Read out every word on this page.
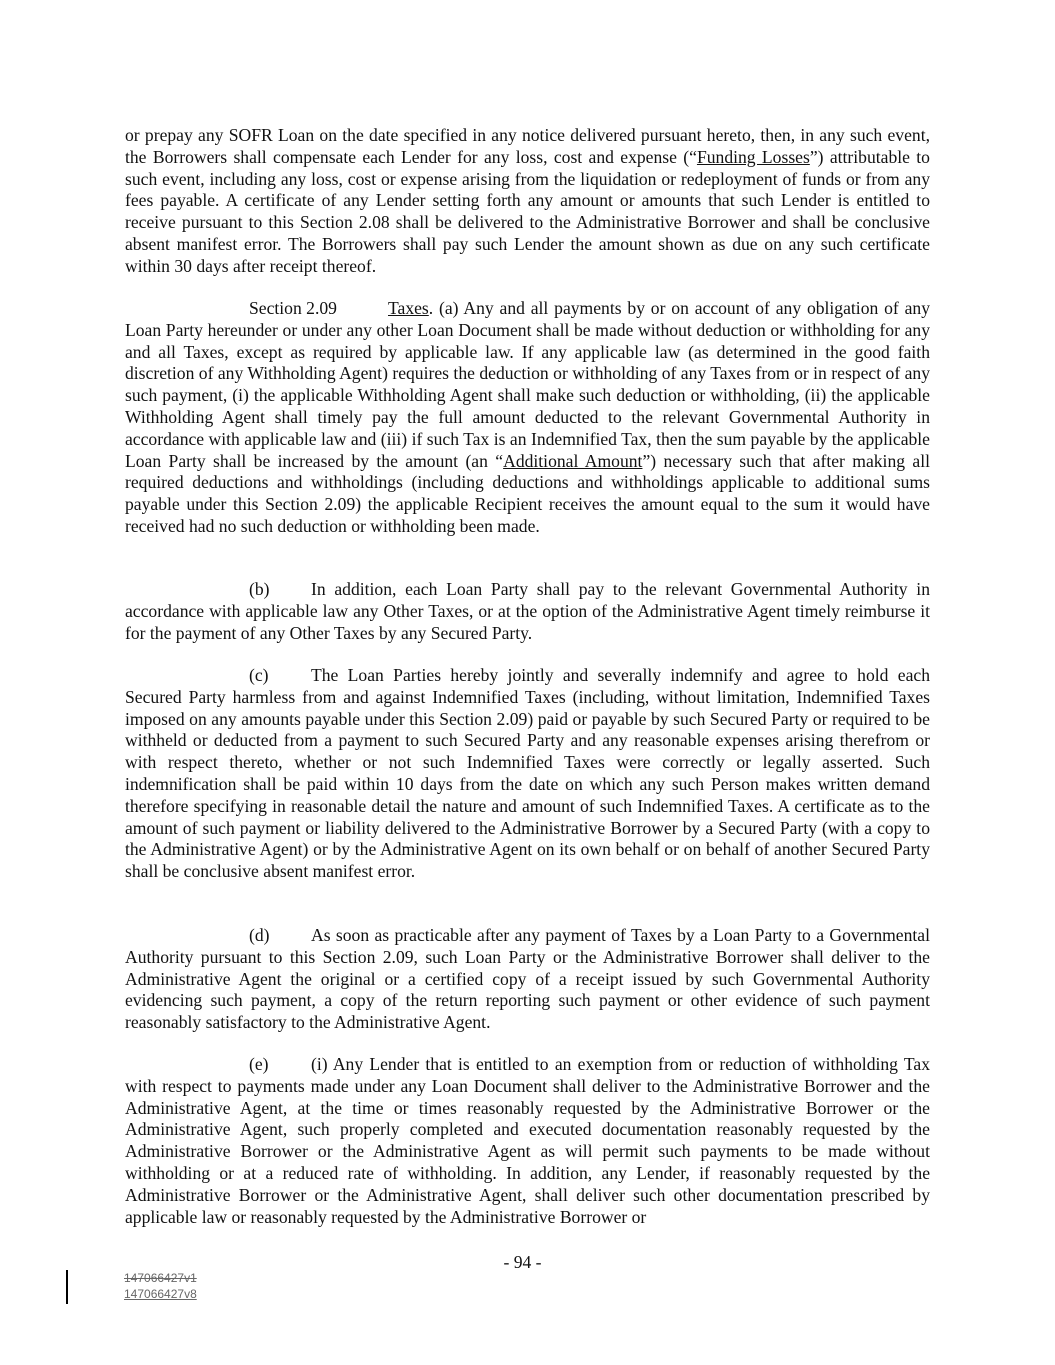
or prepay any SOFR Loan on the date specified in any notice delivered pursuant hereto, then, in any such event, the Borrowers shall compensate each Lender for any loss, cost and expense (“Funding Losses”) attributable to such event, including any loss, cost or expense arising from the liquidation or redeployment of funds or from any fees payable. A certificate of any Lender setting forth any amount or amounts that such Lender is entitled to receive pursuant to this Section 2.08 shall be delivered to the Administrative Borrower and shall be conclusive absent manifest error. The Borrowers shall pay such Lender the amount shown as due on any such certificate within 30 days after receipt thereof.

Section 2.09	Taxes. (a) Any and all payments by or on account of any obligation of any Loan Party hereunder or under any other Loan Document shall be made without deduction or withholding for any and all Taxes, except as required by applicable law. If any applicable law (as determined in the good faith discretion of any Withholding Agent) requires the deduction or withholding of any Taxes from or in respect of any such payment, (i) the applicable Withholding Agent shall make such deduction or withholding, (ii) the applicable Withholding Agent shall timely pay the full amount deducted to the relevant Governmental Authority in accordance with applicable law and (iii) if such Tax is an Indemnified Tax, then the sum payable by the applicable Loan Party shall be increased by the amount (an “Additional Amount”) necessary such that after making all required deductions and withholdings (including deductions and withholdings applicable to additional sums payable under this Section 2.09) the applicable Recipient receives the amount equal to the sum it would have received had no such deduction or withholding been made.

(b) In addition, each Loan Party shall pay to the relevant Governmental Authority in accordance with applicable law any Other Taxes, or at the option of the Administrative Agent timely reimburse it for the payment of any Other Taxes by any Secured Party.

(c) The Loan Parties hereby jointly and severally indemnify and agree to hold each Secured Party harmless from and against Indemnified Taxes (including, without limitation, Indemnified Taxes imposed on any amounts payable under this Section 2.09) paid or payable by such Secured Party or required to be withheld or deducted from a payment to such Secured Party and any reasonable expenses arising therefrom or with respect thereto, whether or not such Indemnified Taxes were correctly or legally asserted. Such indemnification shall be paid within 10 days from the date on which any such Person makes written demand therefore specifying in reasonable detail the nature and amount of such Indemnified Taxes. A certificate as to the amount of such payment or liability delivered to the Administrative Borrower by a Secured Party (with a copy to the Administrative Agent) or by the Administrative Agent on its own behalf or on behalf of another Secured Party shall be conclusive absent manifest error.

(d) As soon as practicable after any payment of Taxes by a Loan Party to a Governmental Authority pursuant to this Section 2.09, such Loan Party or the Administrative Borrower shall deliver to the Administrative Agent the original or a certified copy of a receipt issued by such Governmental Authority evidencing such payment, a copy of the return reporting such payment or other evidence of such payment reasonably satisfactory to the Administrative Agent.

(e) (i) Any Lender that is entitled to an exemption from or reduction of withholding Tax with respect to payments made under any Loan Document shall deliver to the Administrative Borrower and the Administrative Agent, at the time or times reasonably requested by the Administrative Borrower or the Administrative Agent, such properly completed and executed documentation reasonably requested by the Administrative Borrower or the Administrative Agent as will permit such payments to be made without withholding or at a reduced rate of withholding. In addition, any Lender, if reasonably requested by the Administrative Borrower or the Administrative Agent, shall deliver such other documentation prescribed by applicable law or reasonably requested by the Administrative Borrower or

- 94 -
147066427v1
147066427v8
